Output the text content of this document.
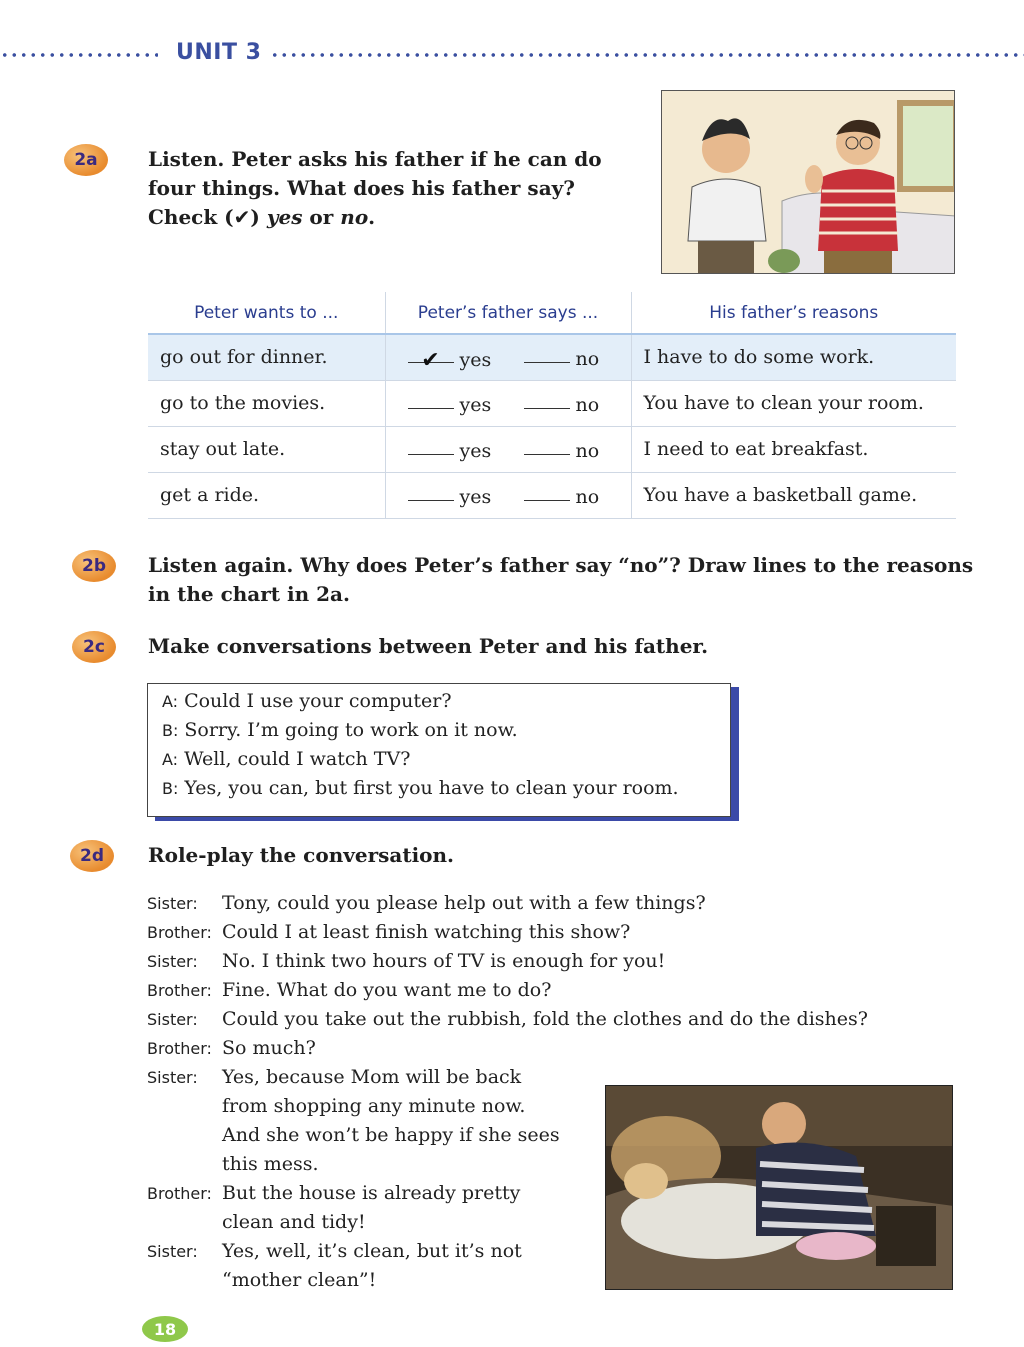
UNIT 3
2a	Listen. Peter asks his father if he can do
four things. What does his father say?
Check (✔) yes or no.
Peter wants to ...	Peter’s father says ...	His father’s reasons
go out for dinner.	✔ yes no	I have to do some work.
go to the movies.	yes no	You have to clean your room.
stay out late.	yes no	I need to eat breakfast.
get a ride.	yes no	You have a basketball game.
2b	Listen again. Why does Peter’s father say “no”? Draw lines to the reasons
in the chart in 2a.
2c	Make conversations between Peter and his father.
A: Could I use your computer?
B: Sorry. I’m going to work on it now.
A: Well, could I watch TV?
B: Yes, you can, but first you have to clean your room.
2d	Role-play the conversation.
Sister: Tony, could you please help out with a few things?
Brother: Could I at least finish watching this show?
Sister: No. I think two hours of TV is enough for you!
Brother: Fine. What do you want me to do?
Sister: Could you take out the rubbish, fold the clothes and do the dishes?
Brother: So much?
Sister: Yes, because Mom will be back
from shopping any minute now.
And she won’t be happy if she sees
this mess.
Brother: But the house is already pretty
clean and tidy!
Sister: Yes, well, it’s clean, but it’s not
“mother clean”!
18
